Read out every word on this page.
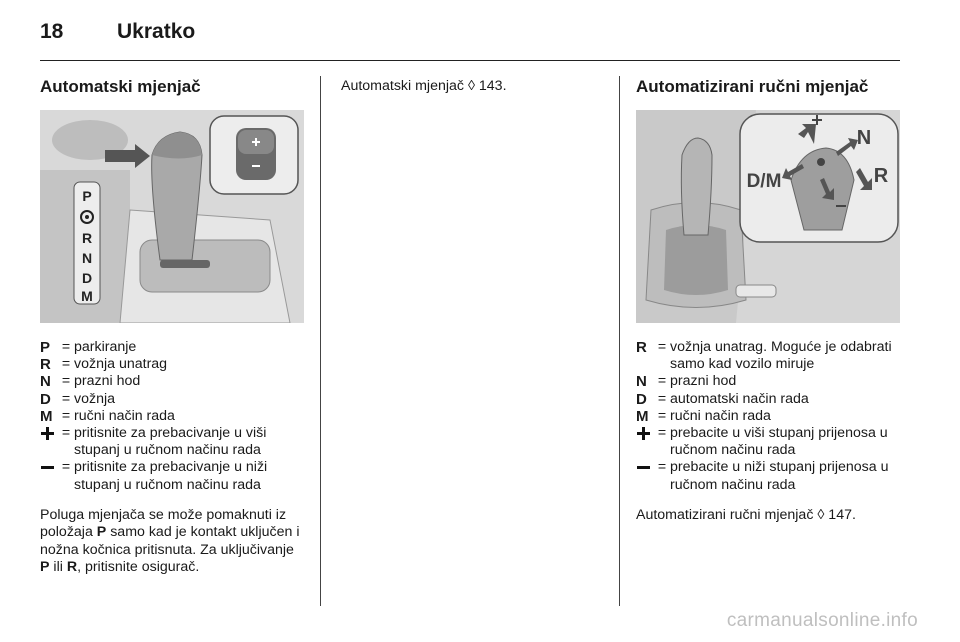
18	Ukratko
Automatski mjenjač
P
R
N
D
M
P = parkiranje
R = vožnja unatrag
N = prazni hod
D = vožnja
M = ručni način rada
= pritisnite za prebacivanje u viši stupanj u ručnom načinu rada
= pritisnite za prebacivanje u niži stupanj u ručnom načinu rada
Poluga mjenjača se može pomaknuti iz položaja P samo kad je kontakt uključen i nožna kočnica pritisnuta. Za uključivanje P ili R, pritisnite osigurač.
Automatski mjenjač ◊ 143.	Automatizirani ručni mjenjač
N
R
D/M
R = vožnja unatrag. Moguće je odabrati samo kad vozilo miruje
N = prazni hod
D = automatski način rada
M = ručni način rada
= prebacite u viši stupanj prijenosa u ručnom načinu rada
= prebacite u niži stupanj prijenosa u ručnom načinu rada
Automatizirani ručni mjenjač ◊ 147.
carmanualsonline.info
